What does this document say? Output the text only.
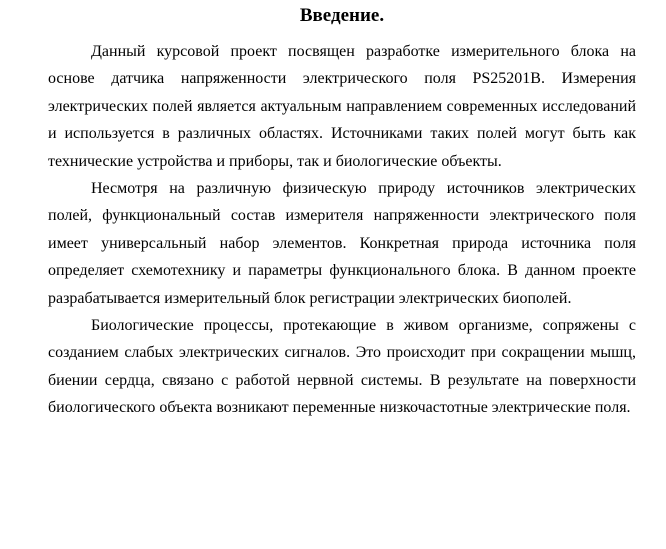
Введение.

Данный курсовой проект посвящен разработке измерительного блока на основе датчика напряженности электрического поля PS25201B. Измерения электрических полей является актуальным направлением современных исследований и используется в различных областях. Источниками таких полей могут быть как технические устройства и приборы, так и биологические объекты.

Несмотря на различную физическую природу источников электрических полей, функциональный состав измерителя напряженности электрического поля имеет универсальный набор элементов. Конкретная природа источника поля определяет схемотехнику и параметры функционального блока. В данном проекте разрабатывается измерительный блок регистрации электрических биополей.

Биологические процессы, протекающие в живом организме, сопряжены с созданием слабых электрических сигналов. Это происходит при сокращении мышц, биении сердца, связано с работой нервной системы. В результате на поверхности биологического объекта возникают переменные низкочастотные электрические поля.
